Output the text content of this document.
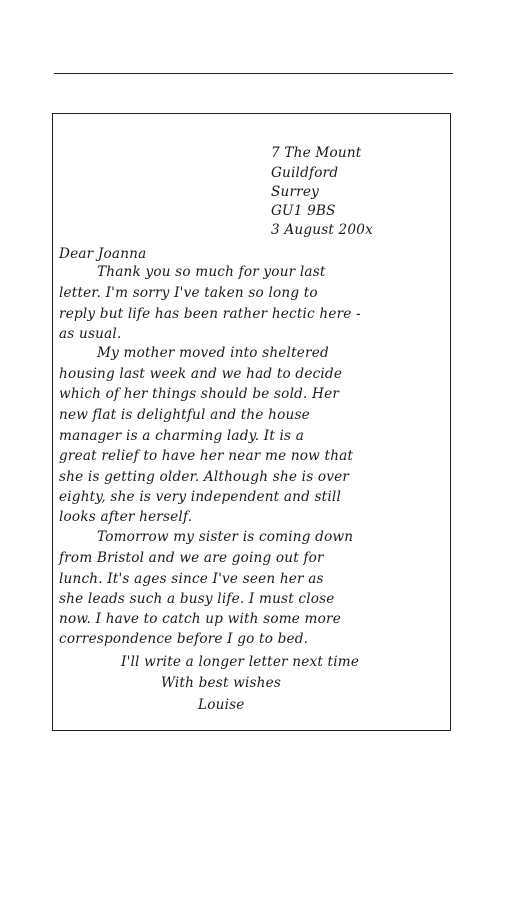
7 The Mount
Guildford
Surrey
GU1 9BS
3 August 200x
Dear Joanna
Thank you so much for your last
letter. I'm sorry I've taken so long to
reply but life has been rather hectic here -
as usual.
My mother moved into sheltered
housing last week and we had to decide
which of her things should be sold. Her
new flat is delightful and the house
manager is a charming lady. It is a
great relief to have her near me now that
she is getting older. Although she is over
eighty, she is very independent and still
looks after herself.
Tomorrow my sister is coming down
from Bristol and we are going out for
lunch. It's ages since I've seen her as
she leads such a busy life. I must close
now. I have to catch up with some more
correspondence before I go to bed.
I'll write a longer letter next time
With best wishes
Louise
